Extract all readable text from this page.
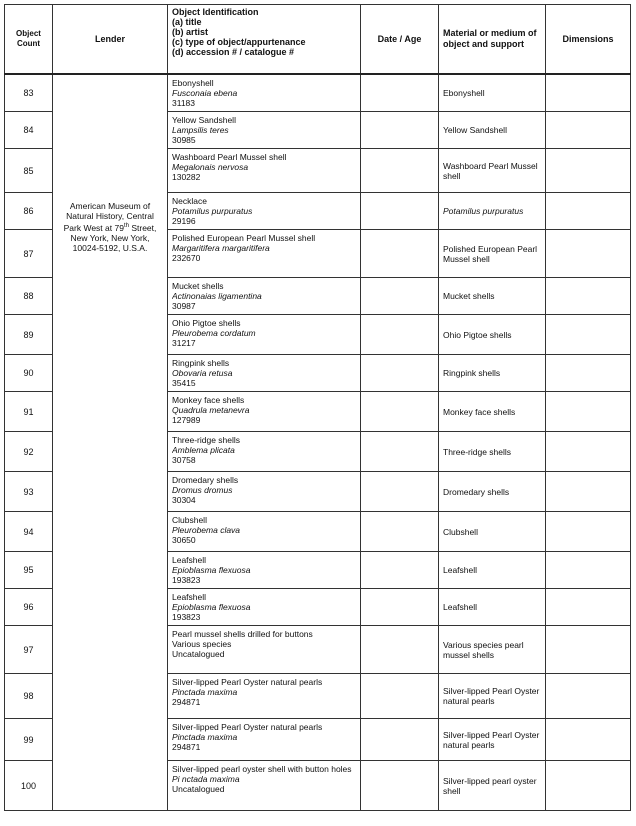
Object Count	Lender	Object Identification
(a) title
(b) artist
(c) type of object/appurtenance
(d) accession # / catalogue #	Date / Age	Material or medium of object and support	Dimensions
83	American Museum of
Natural History, Central
Park West at 79th Street,
New York, New York,
10024-5192, U.S.A.	Ebonyshell
Fusconaia ebena
31183		Ebonyshell	
84		Yellow Sandshell
Lampsilis teres
30985		Yellow Sandshell	
85		Washboard Pearl Mussel shell
Megalonais nervosa
130282		Washboard Pearl Mussel shell	
86		Necklace
Potamilus purpuratus
29196		Potamilus purpuratus	
87		Polished European Pearl Mussel shell
Margaritifera margaritifera
232670		Polished European Pearl Mussel shell	
88		Mucket shells
Actinonaias ligamentina
30987		Mucket shells	
89		Ohio Pigtoe shells
Pleurobema cordatum
31217		Ohio Pigtoe shells	
90		Ringpink shells
Obovaria retusa
35415		Ringpink shells	
91		Monkey face shells
Quadrula metanevra
127989		Monkey face shells	
92		Three-ridge shells
Amblema plicata
30758		Three-ridge shells	
93		Dromedary shells
Dromus dromus
30304		Dromedary shells	
94		Clubshell
Pleurobema clava
30650		Clubshell	
95		Leafshell
Epioblasma flexuosa
193823		Leafshell	
96		Leafshell
Epioblasma flexuosa
193823		Leafshell	
97		Pearl mussel shells drilled for buttons
Various species
Uncatalogued		Various species pearl mussel shells	
98		Silver-lipped Pearl Oyster natural pearls
Pinctada maxima
294871		Silver-lipped Pearl Oyster natural pearls	
99		Silver-lipped Pearl Oyster natural pearls
Pinctada maxima
294871		Silver-lipped Pearl Oyster natural pearls	
100		Silver-lipped pearl oyster shell with button holes
Pi nctada maxima
Uncatalogued		Silver-lipped pearl oyster shell	
